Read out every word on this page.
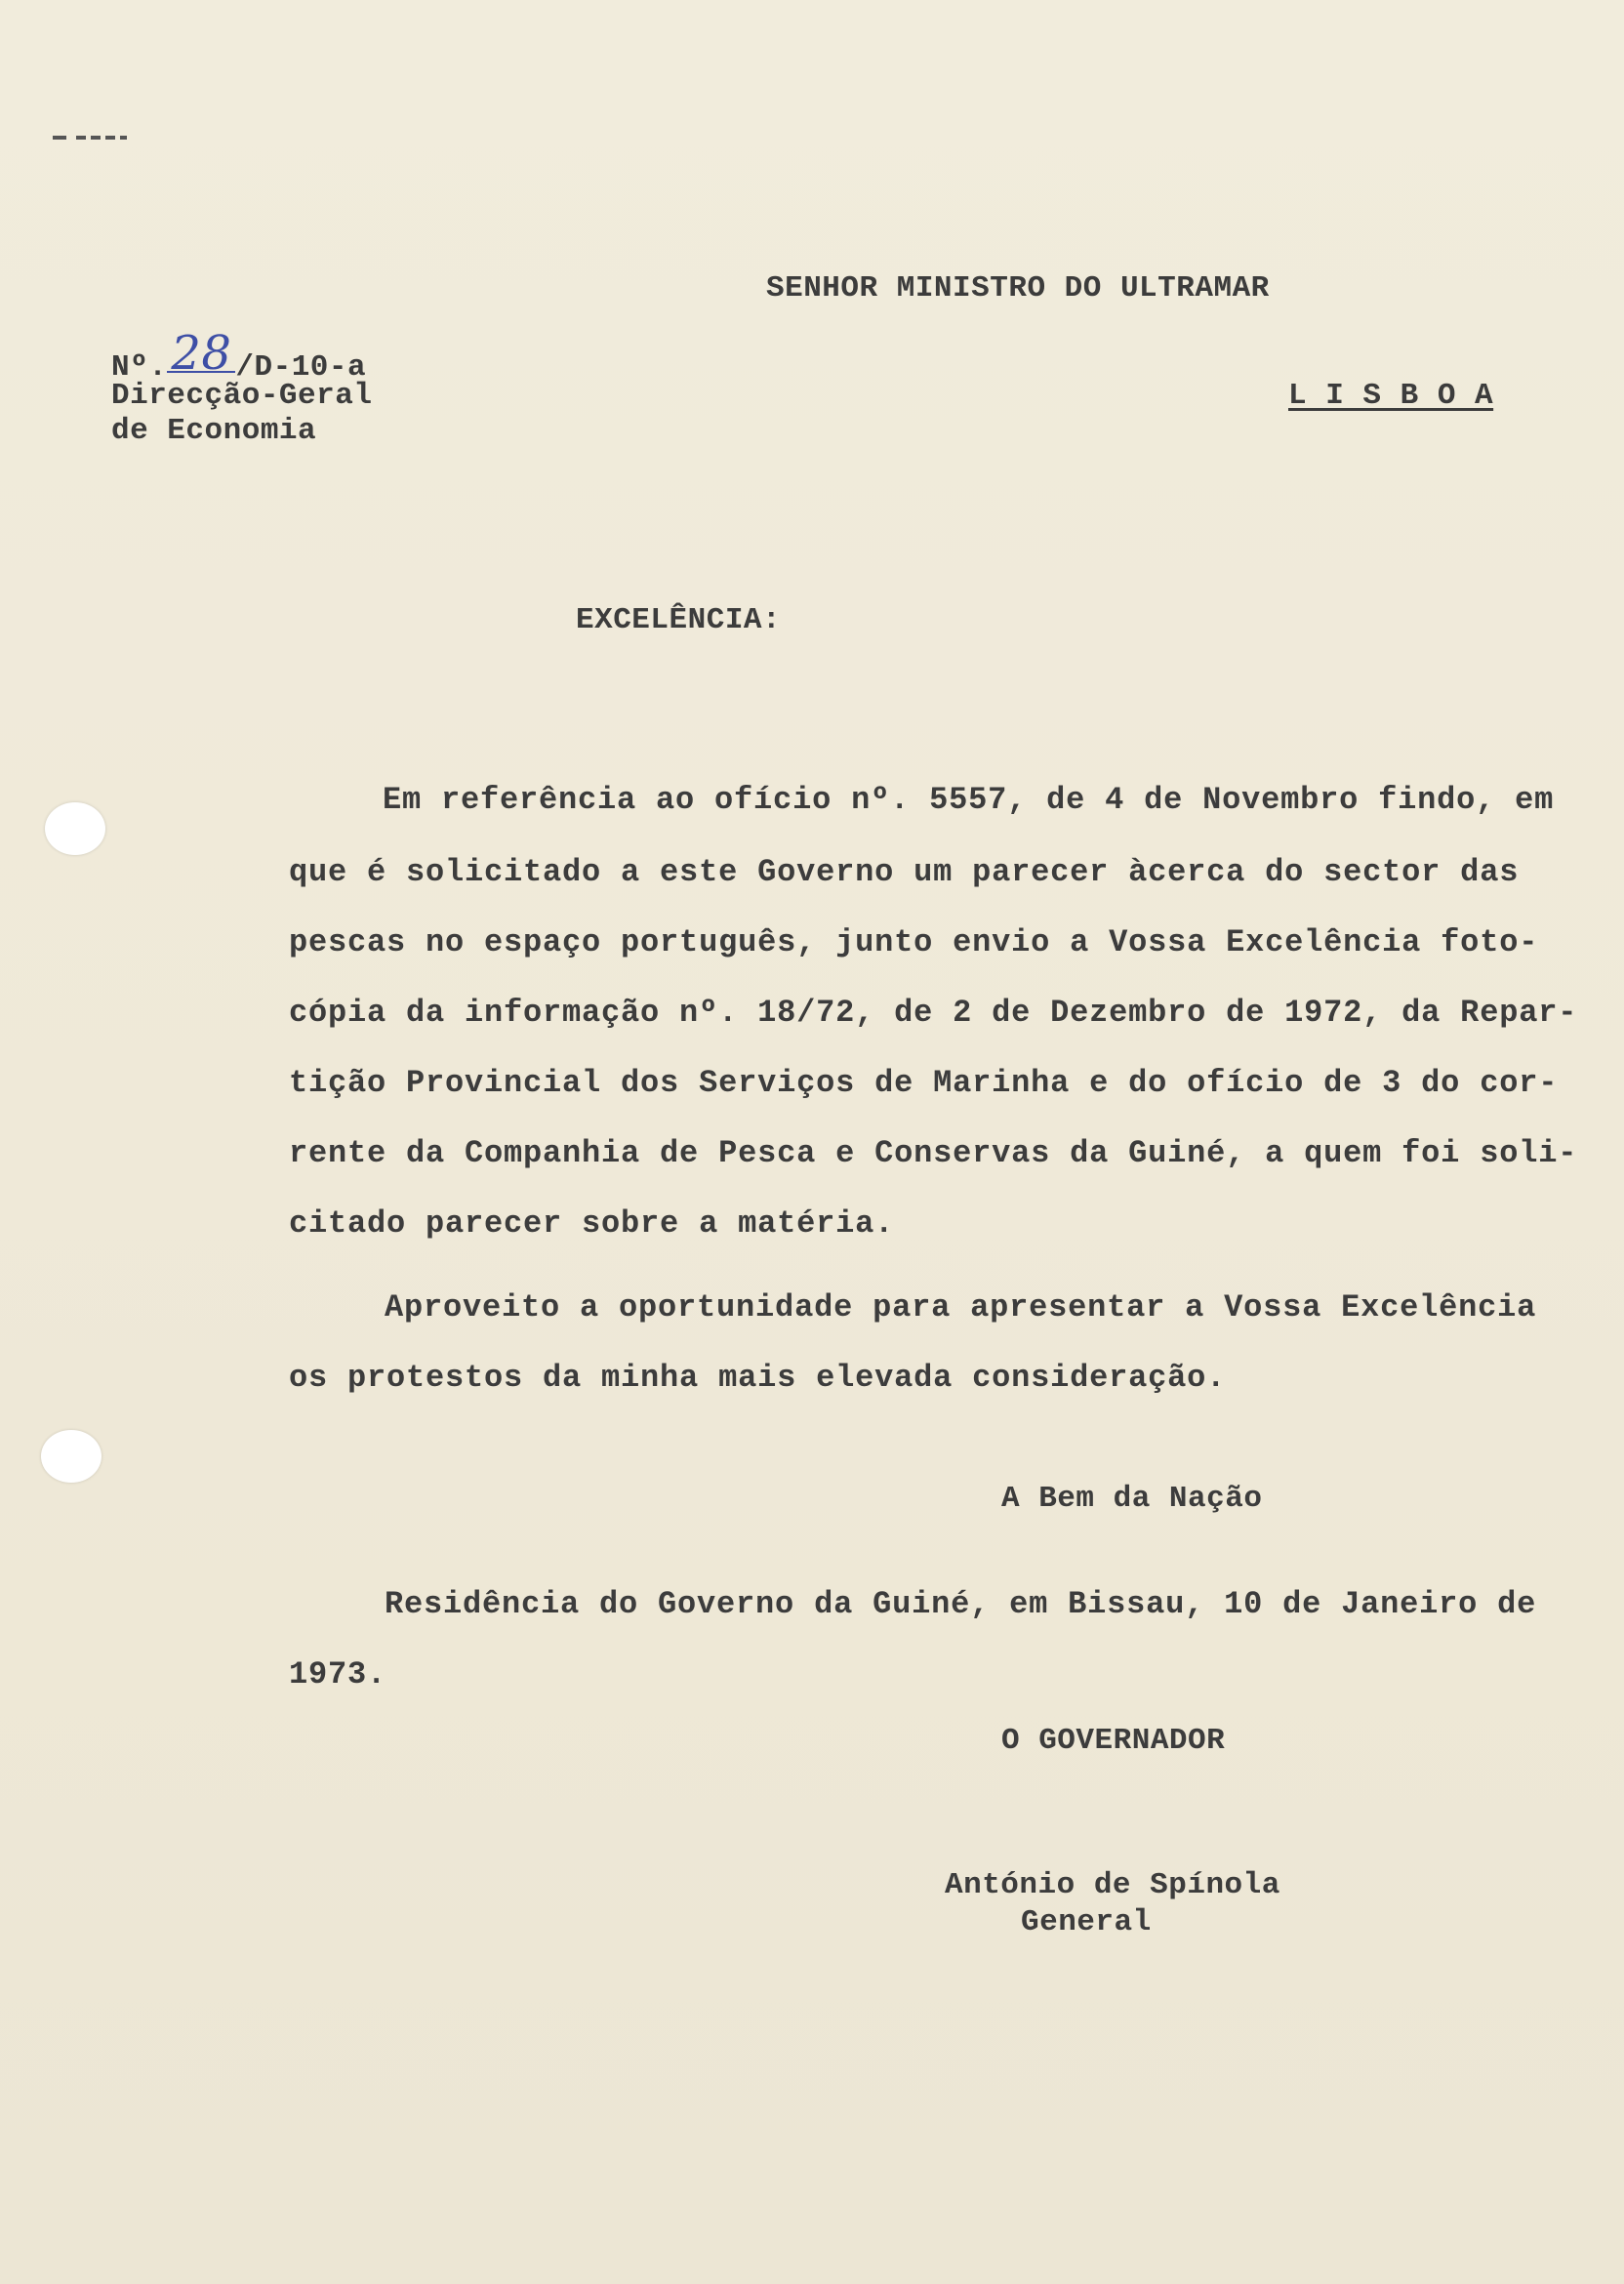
SENHOR MINISTRO DO ULTRAMAR
Nº.28 /D-10-a
Direcção-Geral
de Economia
L I S B O A
EXCELÊNCIA:
Em referência ao ofício nº. 5557, de 4 de Novembro findo, em
que é solicitado a este Governo um parecer àcerca do sector das
pescas no espaço português, junto envio a Vossa Excelência foto-
cópia da informação nº. 18/72, de 2 de Dezembro de 1972, da Repar-
tição Provincial dos Serviços de Marinha e do ofício de 3 do cor-
rente da Companhia de Pesca e Conservas da Guiné, a quem foi soli-
citado parecer sobre a matéria.
Aproveito a oportunidade para apresentar a Vossa Excelência
os protestos da minha mais elevada consideração.
A Bem da Nação
Residência do Governo da Guiné, em Bissau, 10 de Janeiro de
1973.
O GOVERNADOR
António de Spínola
General
